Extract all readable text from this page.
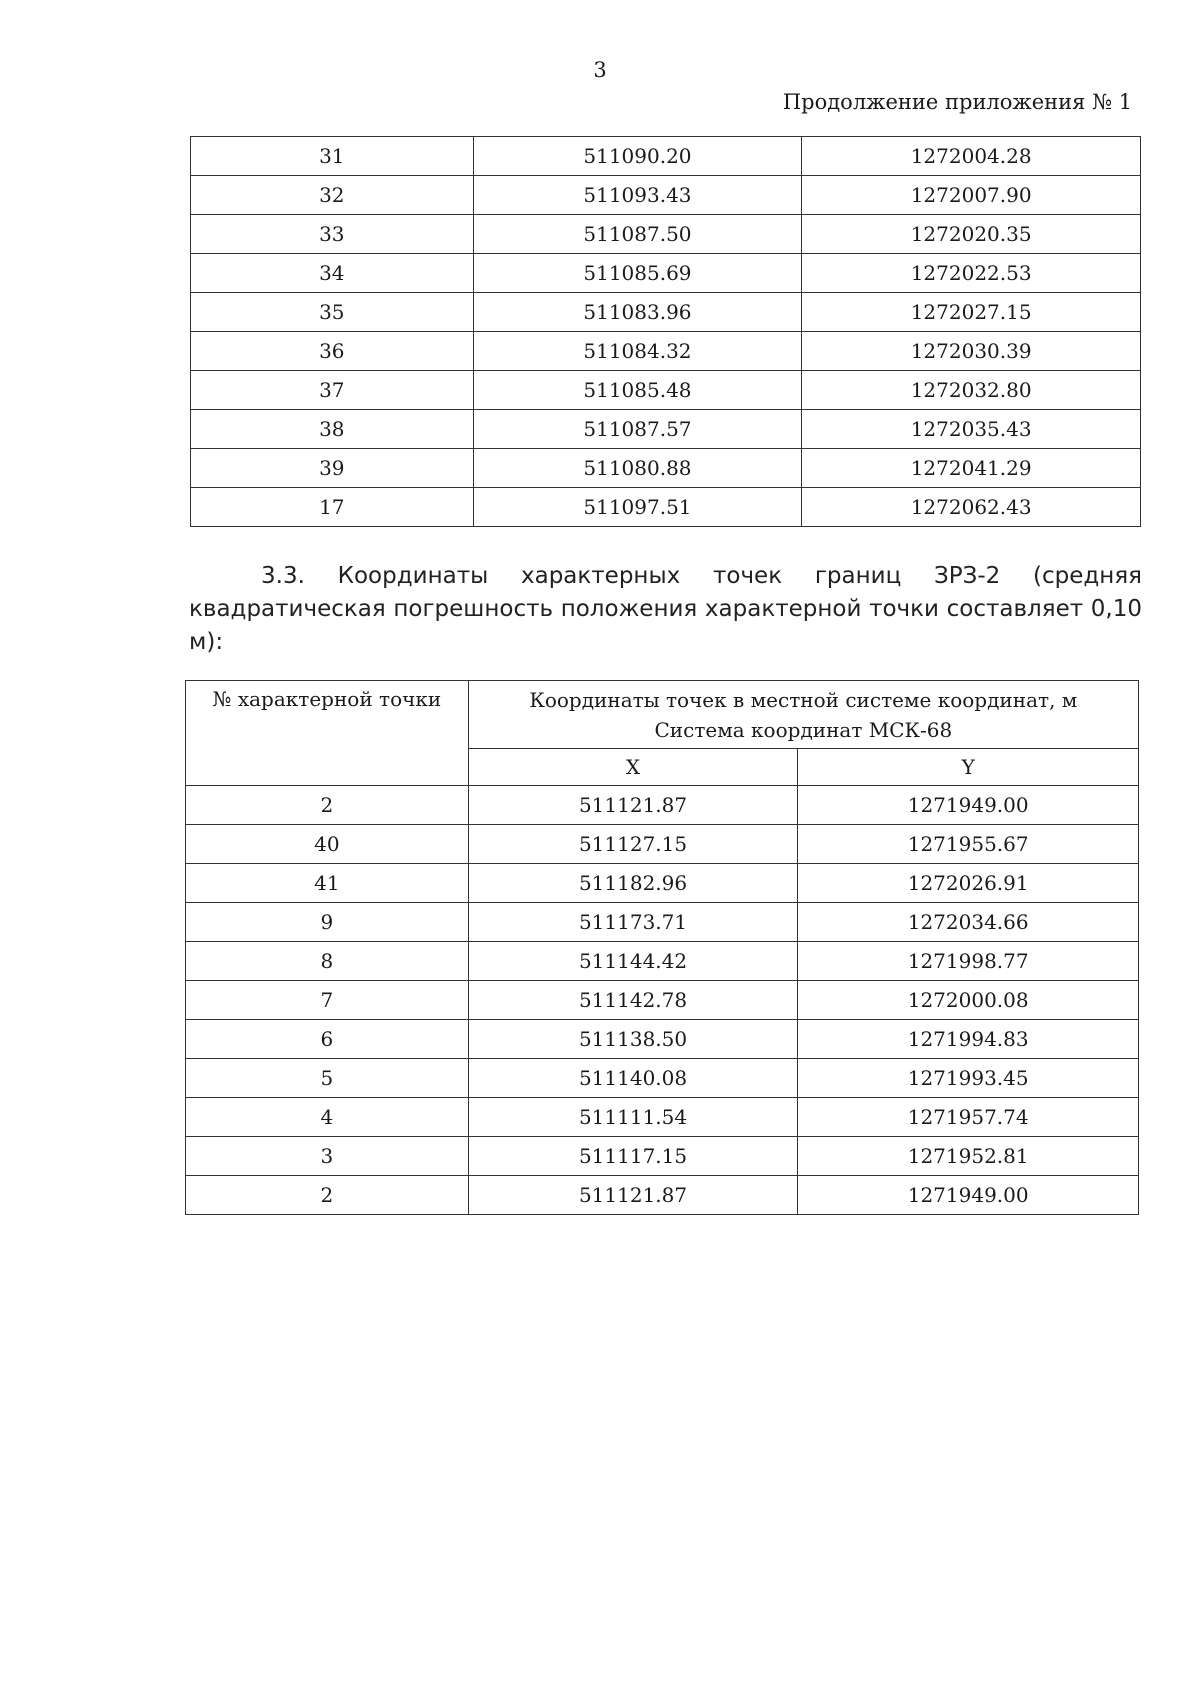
3
Продолжение приложения № 1
31	511090.20	1272004.28
32	511093.43	1272007.90
33	511087.50	1272020.35
34	511085.69	1272022.53
35	511083.96	1272027.15
36	511084.32	1272030.39
37	511085.48	1272032.80
38	511087.57	1272035.43
39	511080.88	1272041.29
17	511097.51	1272062.43
3.3. Координаты характерных точек границ ЗРЗ-2 (средняя квадратическая погрешность положения характерной точки составляет 0,10 м):
№ характерной точки	Координаты точек в местной системе координат, м
Система координат МСК-68	

	X	Y
2	511121.87	1271949.00
40	511127.15	1271955.67
41	511182.96	1272026.91
9	511173.71	1272034.66
8	511144.42	1271998.77
7	511142.78	1272000.08
6	511138.50	1271994.83
5	511140.08	1271993.45
4	511111.54	1271957.74
3	511117.15	1271952.81
2	511121.87	1271949.00
